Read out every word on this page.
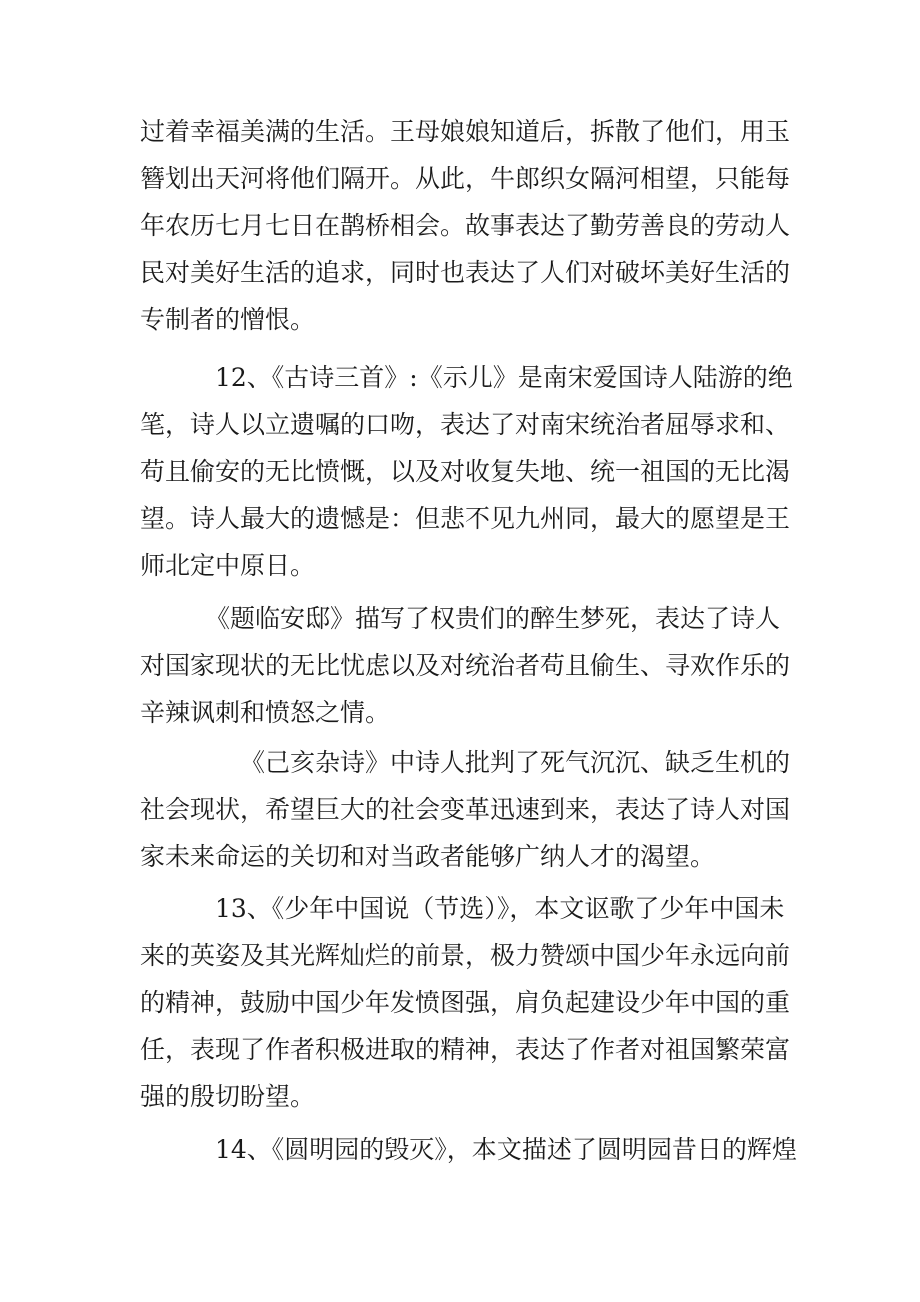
过着幸福美满的生活。王母娘娘知道后，拆散了他们，用玉
簪划出天河将他们隔开。从此，牛郎织女隔河相望，只能每
年农历七月七日在鹊桥相会。故事表达了勤劳善良的劳动人
民对美好生活的追求，同时也表达了人们对破坏美好生活的
专制者的憎恨。
12、《古诗三首》:《示儿》是南宋爱国诗人陆游的绝
笔，诗人以立遗嘱的口吻，表达了对南宋统治者屈辱求和、
苟且偷安的无比愤慨，以及对收复失地、统一祖国的无比渴
望。诗人最大的遗憾是：但悲不见九州同，最大的愿望是王
师北定中原日。
《题临安邸》描写了权贵们的醉生梦死，表达了诗人
对国家现状的无比忧虑以及对统治者苟且偷生、寻欢作乐的
辛辣讽刺和愤怒之情。
《己亥杂诗》中诗人批判了死气沉沉、缺乏生机的
社会现状，希望巨大的社会变革迅速到来，表达了诗人对国
家未来命运的关切和对当政者能够广纳人才的渴望。
13、《少年中国说（节选）》，本文讴歌了少年中国未
来的英姿及其光辉灿烂的前景，极力赞颂中国少年永远向前
的精神，鼓励中国少年发愤图强，肩负起建设少年中国的重
任，表现了作者积极进取的精神，表达了作者对祖国繁荣富
强的殷切盼望。
14、《圆明园的毁灭》，本文描述了圆明园昔日的辉煌
